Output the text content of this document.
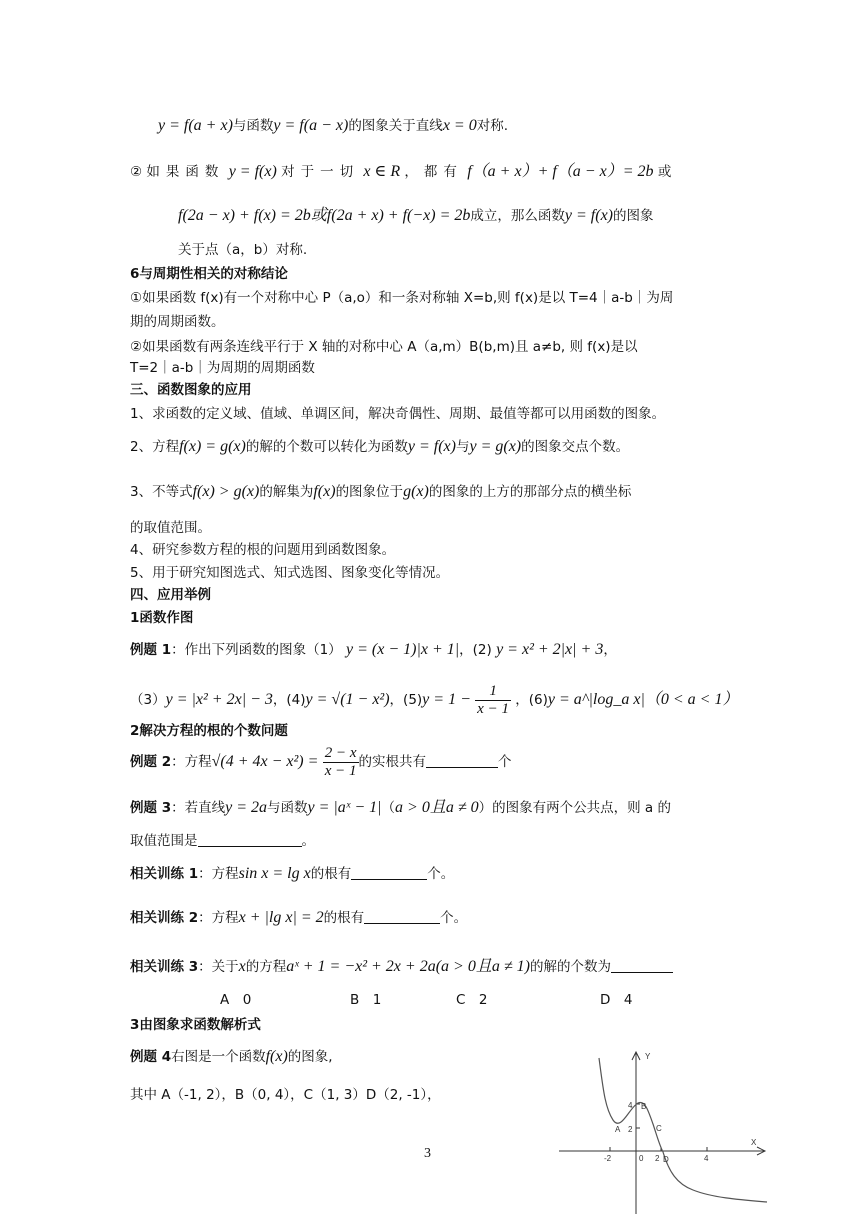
y = f(a + x)与函数y = f(a − x)的图象关于直线x = 0对称.
② 如果函数 y = f(x) 对于一切 x ∈ R ，都有 f（a + x）+ f（a − x）= 2b 或
f(2a − x) + f(x) = 2b或f(2a + x) + f(−x) = 2b成立，那么函数y = f(x)的图象
关于点（a，b）对称.
6与周期性相关的对称结论
①如果函数 f(x)有一个对称中心 P（a,o）和一条对称轴 X=b,则 f(x)是以 T=4｜a-b｜为周
期的周期函数。
②如果函数有两条连线平行于 X 轴的对称中心 A（a,m）B(b,m)且 a≠b, 则 f(x)是以
T=2｜a-b｜为周期的周期函数
三、函数图象的应用
1、求函数的定义域、值域、单调区间，解决奇偶性、周期、最值等都可以用函数的图象。
2、方程f(x) = g(x)的解的个数可以转化为函数y = f(x)与y = g(x)的图象交点个数。
3、不等式f(x) > g(x)的解集为f(x)的图象位于g(x)的图象的上方的那部分点的横坐标
的取值范围。
4、研究参数方程的根的问题用到函数图象。
5、用于研究知图选式、知式选图、图象变化等情况。
四、应用举例
1函数作图
例题 1：作出下列函数的图象（1） y = (x − 1)|x + 1|，(2) y = x² + 2|x| + 3，
（3）y = |x² + 2x| − 3，(4)y = √(1 − x²)，$(5)y = 1 - \frac{1}{x - 1}$ ，(6)y = a^|log_a x|（0 < a < 1）
2解决方程的根的个数问题
例题 2：方程$√(4 + 4x - x^2) = \frac{2 - x}{x - 1}$ 的实根共有	个
例题 3：若直线y = 2a与函数y = |aˣ − 1|（a > 0且a ≠ 0）的图象有两个公共点，则 a 的
取值范围是	。
相关训练 1：方程sin x = lg x的根有	个。
相关训练 2：方程x + |lg x| = 2的根有	个。
相关训练 3：关于x的方程aˣ + 1 = −x² + 2x + 2a(a > 0且a ≠ 1)的解的个数为
A　0	B　1	C　2	D　4
3由图象求函数解析式
例题 4右图是一个函数f(x)的图象,
其中 A（-1, 2），B（0, 4），C（1, 3）D（2, -1），
3
X
Y
A
B
C
D
-2	0 2	4
4
2
